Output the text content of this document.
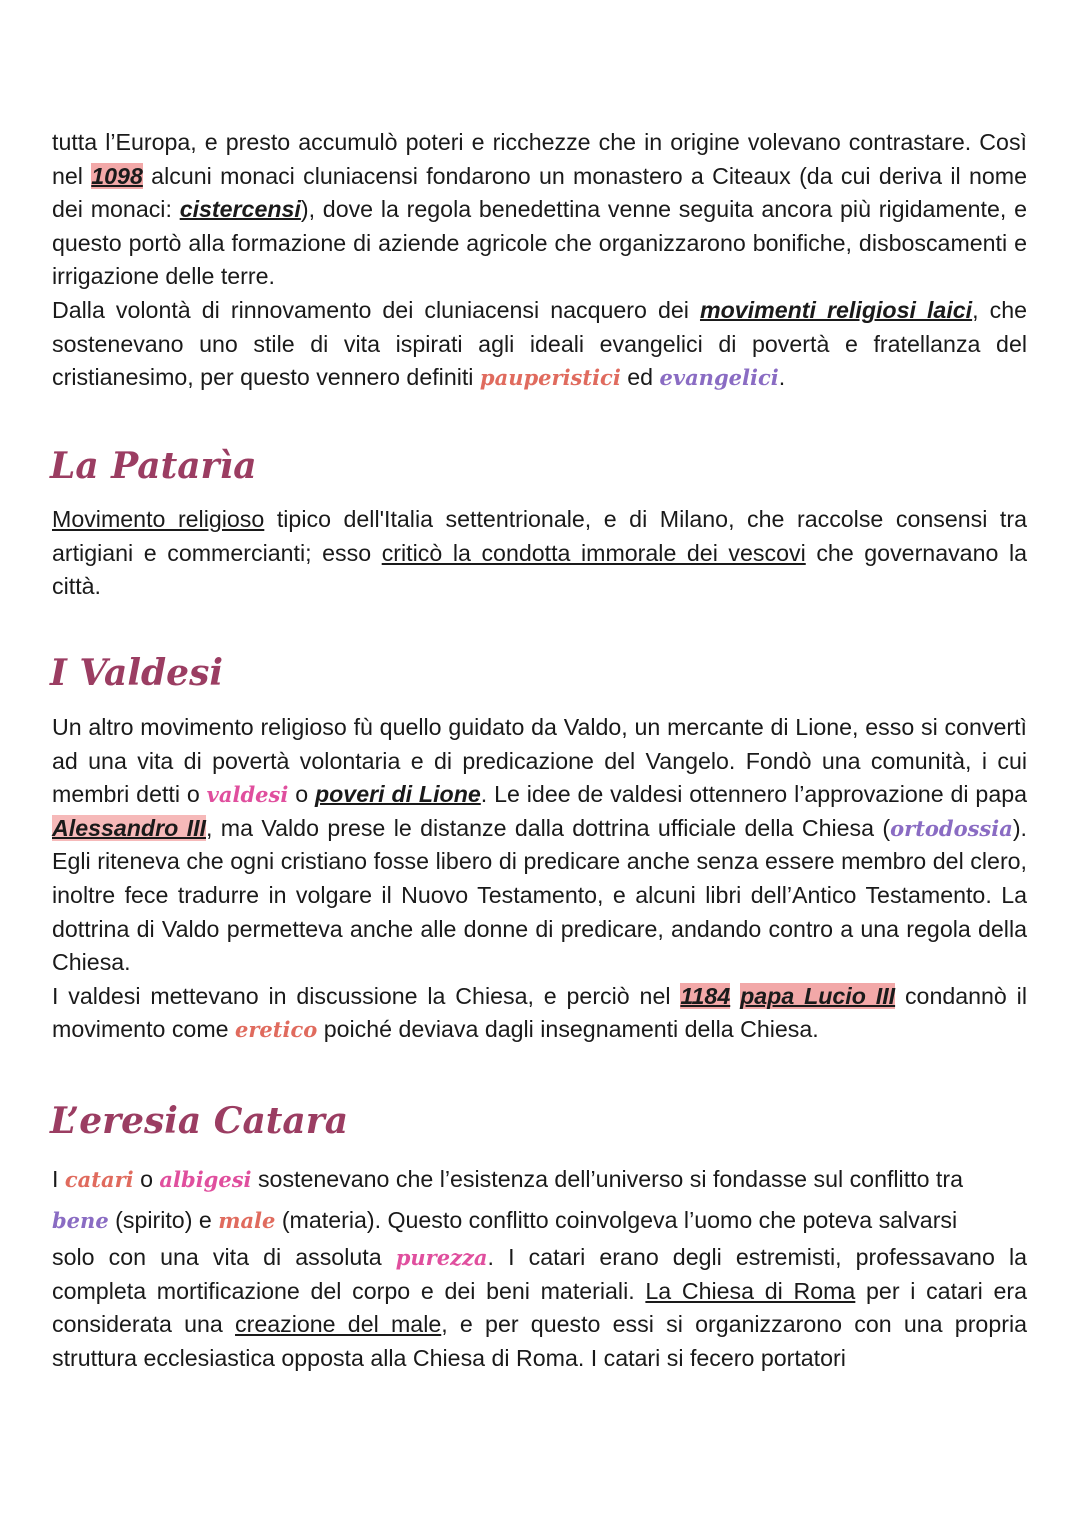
tutta l’Europa, e presto accumulò poteri e ricchezze che in origine volevano contrastare. Così nel 1098 alcuni monaci cluniacensi fondarono un monastero a Citeaux (da cui deriva il nome dei monaci: cistercensi), dove la regola benedettina venne seguita ancora più rigidamente, e questo portò alla formazione di aziende agricole che organizzarono bonifiche, disboscamenti e irrigazione delle terre.
Dalla volontà di rinnovamento dei cluniacensi nacquero dei movimenti religiosi laici, che sostenevano uno stile di vita ispirati agli ideali evangelici di povertà e fratellanza del cristianesimo, per questo vennero definiti pauperistici ed evangelici.

La Patarìa

Movimento religioso tipico dell'Italia settentrionale, e di Milano, che raccolse consensi tra artigiani e commercianti; esso criticò la condotta immorale dei vescovi che governavano la città.

I Valdesi

Un altro movimento religioso fù quello guidato da Valdo, un mercante di Lione, esso si convertì ad una vita di povertà volontaria e di predicazione del Vangelo. Fondò una comunità, i cui membri detti o valdesi o poveri di Lione. Le idee de valdesi ottennero l’approvazione di papa Alessandro III, ma Valdo prese le distanze dalla dottrina ufficiale della Chiesa (ortodossia). Egli riteneva che ogni cristiano fosse libero di predicare anche senza essere membro del clero, inoltre fece tradurre in volgare il Nuovo Testamento, e alcuni libri dell’Antico Testamento. La dottrina di Valdo permetteva anche alle donne di predicare, andando contro a una regola della Chiesa.
I valdesi mettevano in discussione la Chiesa, e perciò nel 1184 papa Lucio III condannò il movimento come eretico poiché deviava dagli insegnamenti della Chiesa.

L’eresia Catara

I catari o albigesi sostenevano che l’esistenza dell’universo si fondasse sul conflitto tra
bene (spirito) e male (materia). Questo conflitto coinvolgeva l’uomo che poteva salvarsi

solo con una vita di assoluta purezza. I catari erano degli estremisti, professavano la completa mortificazione del corpo e dei beni materiali. La Chiesa di Roma per i catari era considerata una creazione del male, e per questo essi si organizzarono con una propria struttura ecclesiastica opposta alla Chiesa di Roma. I catari si fecero portatori
